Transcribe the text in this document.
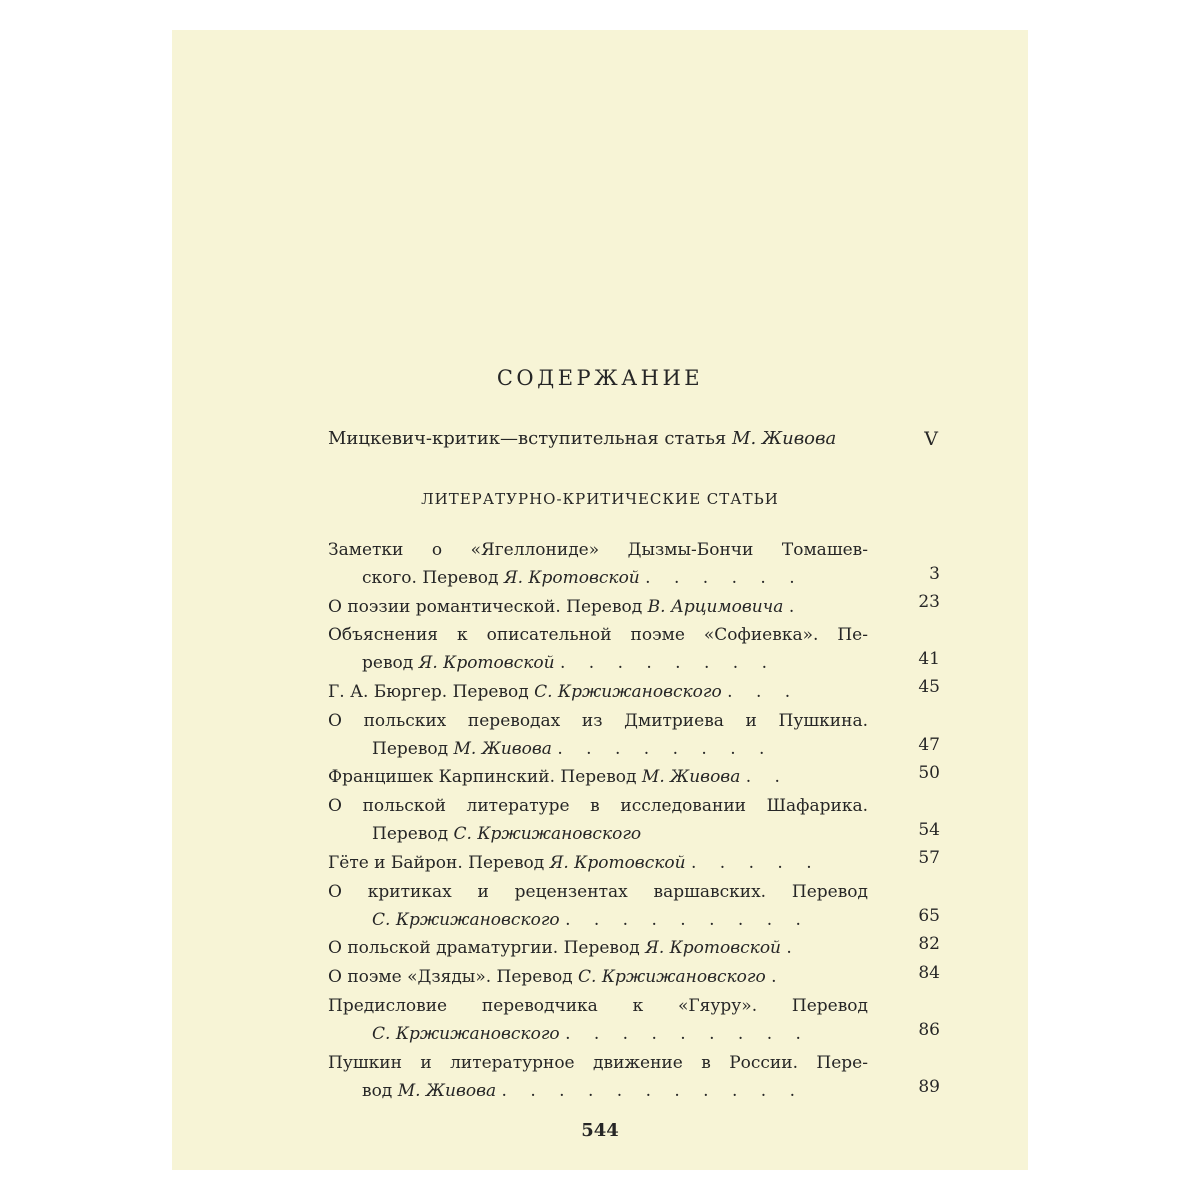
СОДЕРЖАНИЕ
Мицкевич-критик—вступительная статья М. Живова	V
ЛИТЕРАТУРНО-КРИТИЧЕСКИЕ СТАТЬИ
Заметки о «Ягеллониде» Дызмы-Бончи Томашев-
ского. Перевод Я. Кротовской . . . . . .	3
О поэзии романтической. Перевод В. Арцимовича .	23
Объяснения к описательной поэме «Софиевка». Пе-
ревод Я. Кротовской . . . . . . . .	41
Г. А. Бюргер. Перевод С. Кржижановского . . .	45
О польских переводах из Дмитриева и Пушкина.
Перевод М. Живова . . . . . . . .	47
Францишек Карпинский. Перевод М. Живова . .	50
О польской литературе в исследовании Шафарика.
Перевод С. Кржижановского	54
Гёте и Байрон. Перевод Я. Кротовской . . . . .	57
О критиках и рецензентах варшавских. Перевод
С. Кржижановского . . . . . . . . .	65
О польской драматургии. Перевод Я. Кротовской .	82
О поэме «Дзяды». Перевод С. Кржижановского .	84
Предисловие переводчика к «Гяуру». Перевод
С. Кржижановского . . . . . . . . .	86
Пушкин и литературное движение в России. Пере-
вод М. Живова . . . . . . . . . . .	89
544
